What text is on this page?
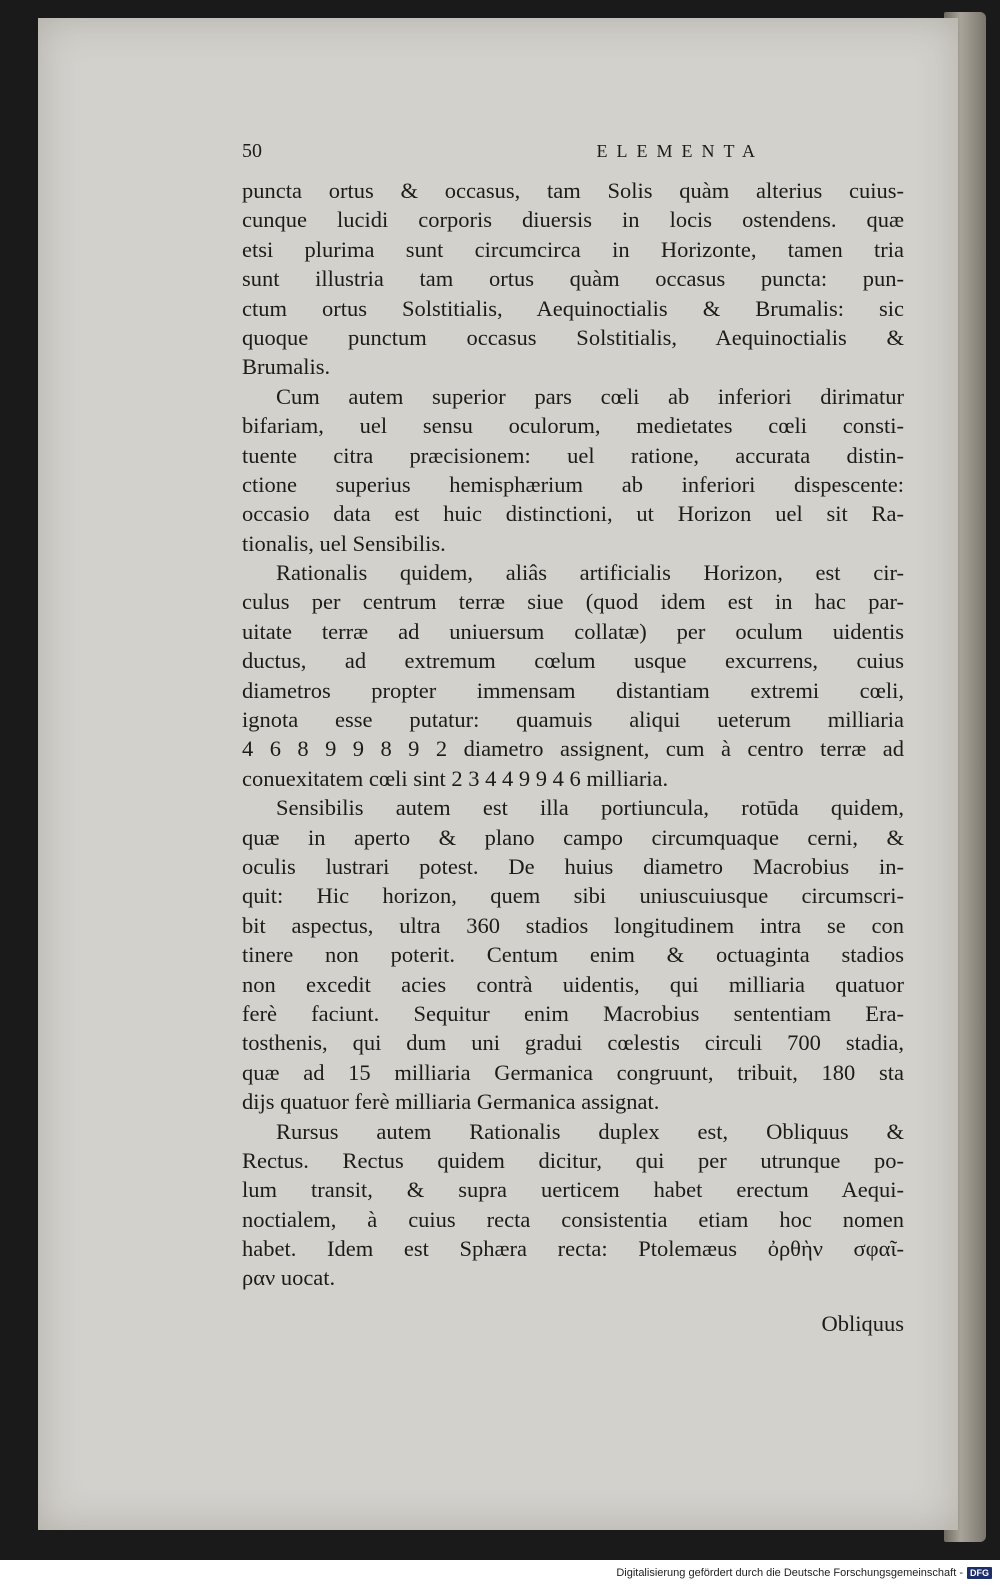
50	ELEMENTA
puncta ortus & occasus, tam Solis quàm alterius cuius-
cunque lucidi corporis diuersis in locis ostendens. quæ
etsi plurima sunt circumcirca in Horizonte, tamen tria
sunt illustria tam ortus quàm occasus puncta: pun-
ctum ortus Solstitialis, Aequinoctialis & Brumalis: sic
quoque punctum occasus Solstitialis, Aequinoctialis &
Brumalis.
Cum autem superior pars cœli ab inferiori dirimatur
bifariam, uel sensu oculorum, medietates cœli consti-
tuente citra præcisionem: uel ratione, accurata distin-
ctione superius hemisphærium ab inferiori dispescente:
occasio data est huic distinctioni, ut Horizon uel sit Ra-
tionalis, uel Sensibilis.
Rationalis quidem, aliâs artificialis Horizon, est cir-
culus per centrum terræ siue (quod idem est in hac par-
uitate terræ ad uniuersum collatæ) per oculum uidentis
ductus, ad extremum cœlum usque excurrens, cuius
diametros propter immensam distantiam extremi cœli,
ignota esse putatur: quamuis aliqui ueterum milliaria
4 6 8 9 9 8 9 2 diametro assignent, cum à centro terræ ad
conuexitatem cœli sint 2 3 4 4 9 9 4 6 milliaria.
Sensibilis autem est illa portiuncula, rotūda quidem,
quæ in aperto & plano campo circumquaque cerni, &
oculis lustrari potest. De huius diametro Macrobius in-
quit: Hic horizon, quem sibi uniuscuiusque circumscri-
bit aspectus, ultra 360 stadios longitudinem intra se con
tinere non poterit. Centum enim & octuaginta stadios
non excedit acies contrà uidentis, qui milliaria quatuor
ferè faciunt. Sequitur enim Macrobius sententiam Era-
tosthenis, qui dum uni gradui cœlestis circuli 700 stadia,
quæ ad 15 milliaria Germanica congruunt, tribuit, 180 sta
dijs quatuor ferè milliaria Germanica assignat.
Rursus autem Rationalis duplex est, Obliquus &
Rectus. Rectus quidem dicitur, qui per utrunque po-
lum transit, & supra uerticem habet erectum Aequi-
noctialem, à cuius recta consistentia etiam hoc nomen
habet. Idem est Sphæra recta: Ptolemæus ὀρθὴν σφαῖ-
ραν uocat.
Obliquus
Digitalisierung gefördert durch die Deutsche Forschungsgemeinschaft - DFG
